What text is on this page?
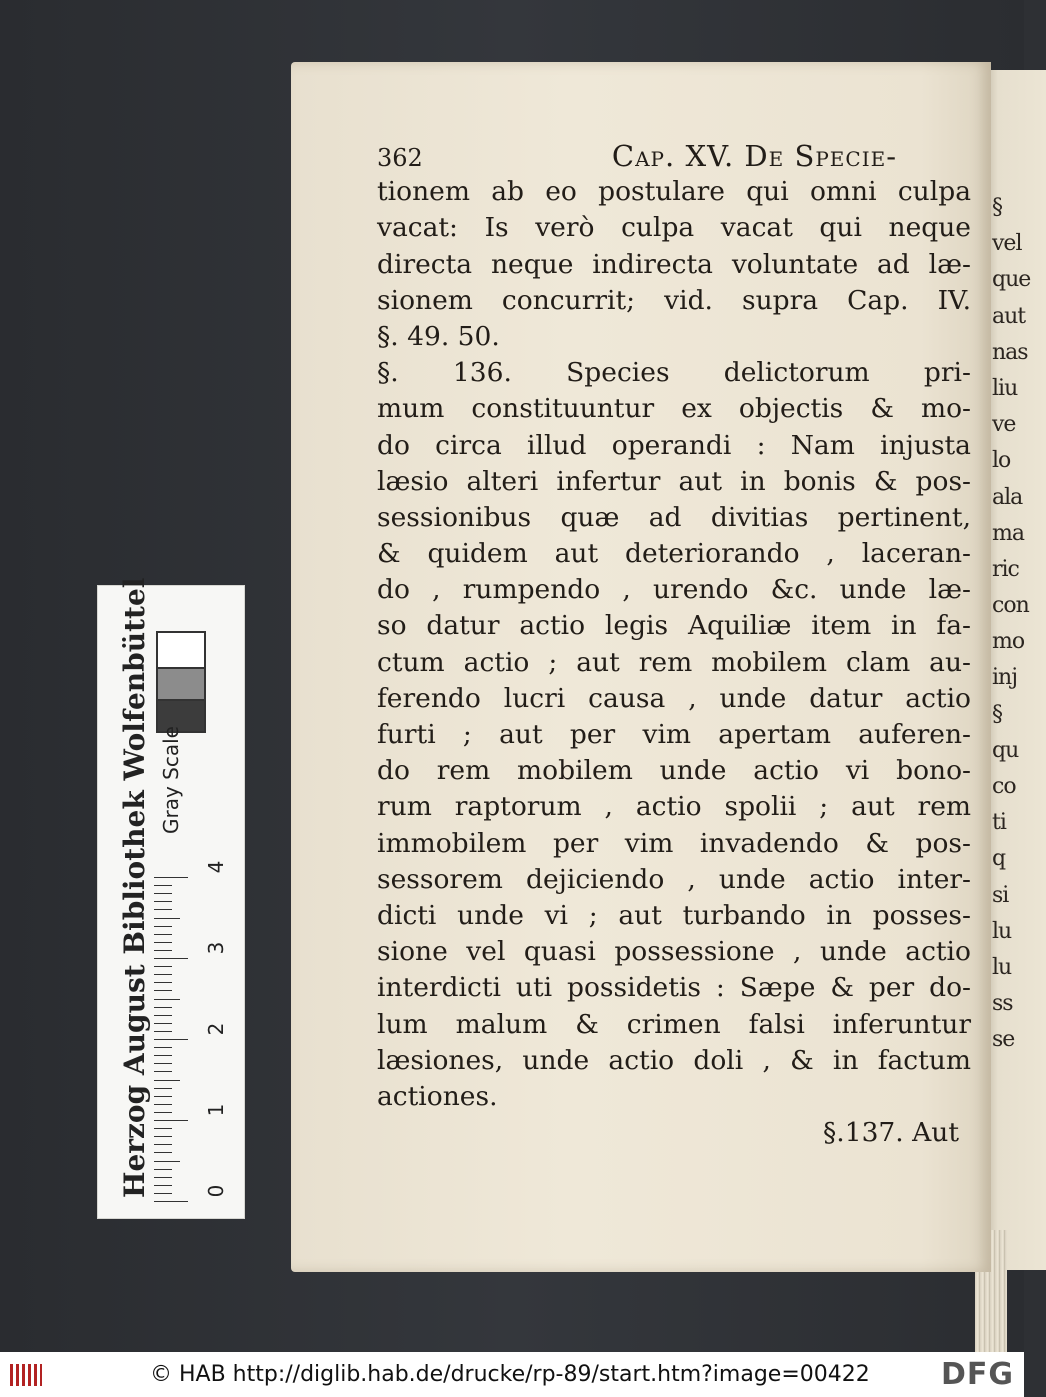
§
vel
que
aut
nas
liu
ve
lo
ala
ma
ric
con
mo
inj
§
qu
co
ti
q
si
lu
lu
ss
se
362	Cap. XV. De Specie-
tionem ab eo postulare qui omni culpa
vacat: Is verò culpa vacat qui neque
directa neque indirecta voluntate ad læ-
sionem concurrit; vid. supra Cap. IV.
§. 49. 50.
§. 136. Species delictorum pri-
mum constituuntur ex objectis & mo-
do circa illud operandi : Nam injusta
læsio alteri infertur aut in bonis & pos-
sessionibus quæ ad divitias pertinent,
& quidem aut deteriorando , laceran-
do , rumpendo , urendo &c. unde læ-
so datur actio legis Aquiliæ item in fa-
ctum actio ; aut rem mobilem clam au-
ferendo lucri causa , unde datur actio
furti ; aut per vim apertam auferen-
do rem mobilem unde actio vi bono-
rum raptorum , actio spolii ; aut rem
immobilem per vim invadendo & pos-
sessorem dejiciendo , unde actio inter-
dicti unde vi ; aut turbando in posses-
sione vel quasi possessione , unde actio
interdicti uti possidetis : Sæpe & per do-
lum malum & crimen falsi inferuntur
læsiones, unde actio doli , & in factum
actiones.
§.137. Aut
Herzog August Bibliothek Wolfenbüttel Gray Scale
0
1
2
3
4
© HAB http://diglib.hab.de/drucke/rp-89/start.htm?image=00422 DFG
